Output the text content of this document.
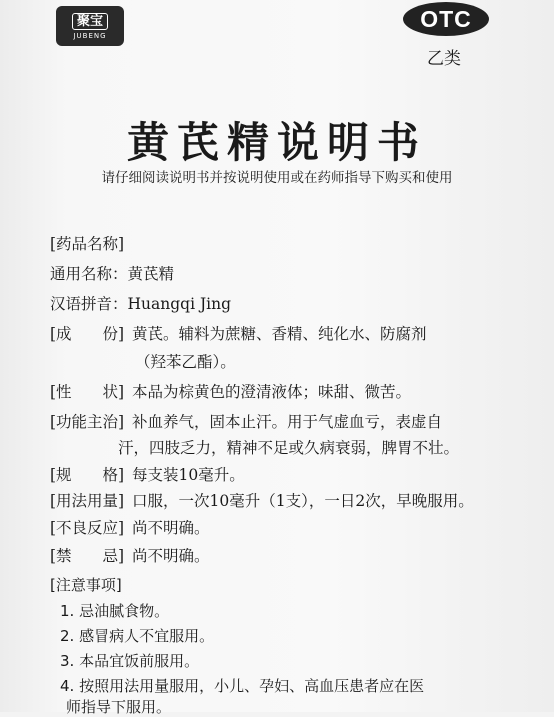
聚宝
JUBENG
OTC
乙类
黄芪精说明书
请仔细阅读说明书并按说明使用或在药师指导下购买和使用
[药品名称]
通用名称：黄芪精
汉语拼音：Huangqi Jing
[成　　份] 黄芪。辅料为蔗糖、香精、纯化水、防腐剂
（羟苯乙酯）。
[性　　状] 本品为棕黄色的澄清液体；味甜、微苦。
[功能主治] 补血养气，固本止汗。用于气虚血亏，表虚自
汗，四肢乏力，精神不足或久病衰弱，脾胃不壮。
[规　　格] 每支装10毫升。
[用法用量] 口服，一次10毫升（1支），一日2次，早晚服用。
[不良反应] 尚不明确。
[禁　　忌] 尚不明确。
[注意事项]
1. 忌油腻食物。
2. 感冒病人不宜服用。
3. 本品宜饭前服用。
4. 按照用法用量服用，小儿、孕妇、高血压患者应在医
师指导下服用。
